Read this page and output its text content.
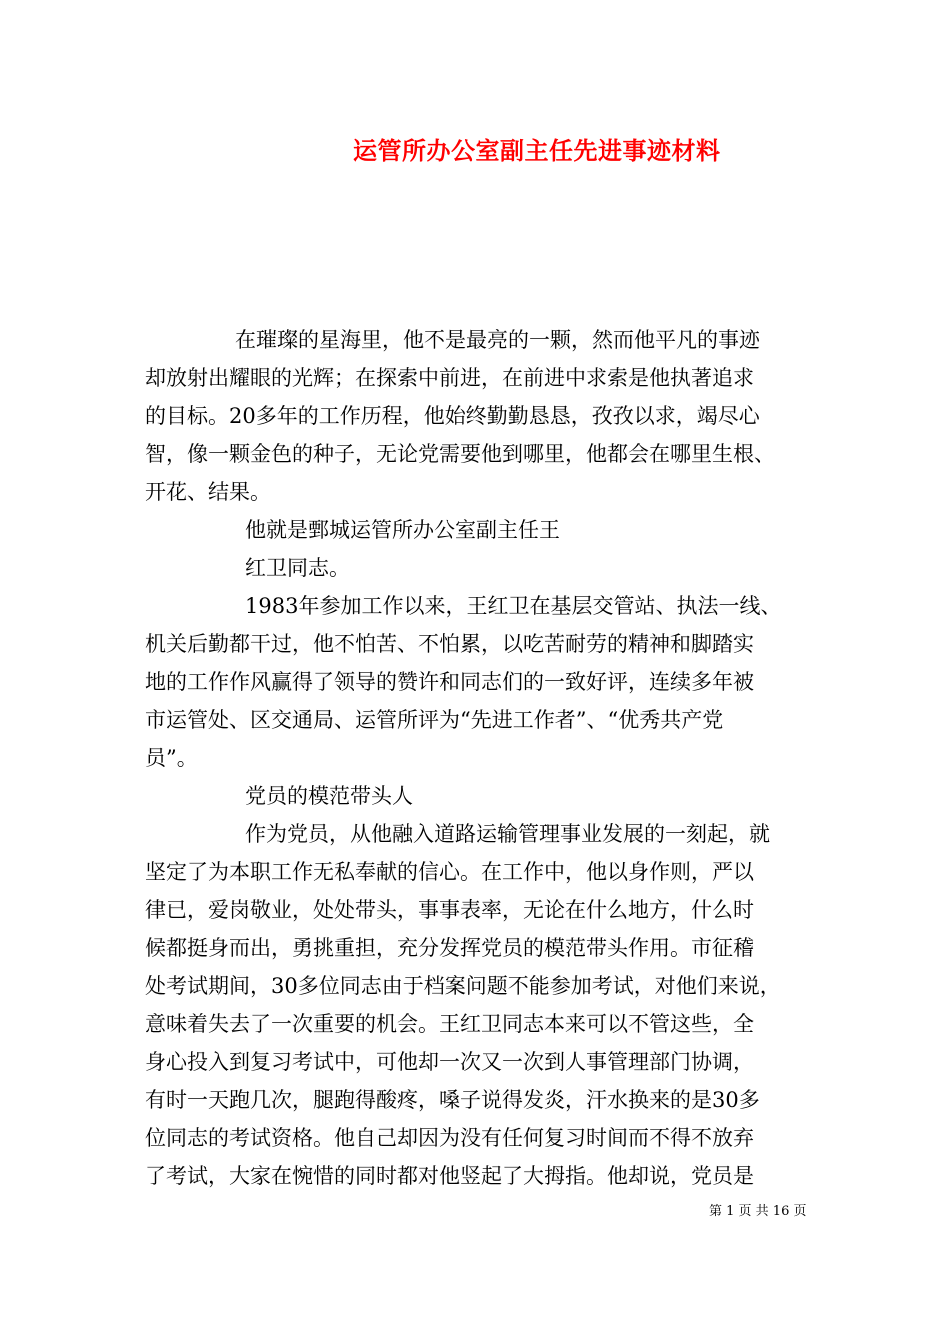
运管所办公室副主任先进事迹材料
在璀璨的星海里，他不是最亮的一颗，然而他平凡的事迹
却放射出耀眼的光辉；在探索中前进，在前进中求索是他执著追求
的目标。20多年的工作历程，他始终勤勤恳恳，孜孜以求，竭尽心
智，像一颗金色的种子，无论党需要他到哪里，他都会在哪里生根、
开花、结果。
他就是鄄城运管所办公室副主任王
红卫同志。
1983年参加工作以来，王红卫在基层交管站、执法一线、
机关后勤都干过，他不怕苦、不怕累，以吃苦耐劳的精神和脚踏实
地的工作作风赢得了领导的赞许和同志们的一致好评，连续多年被
市运管处、区交通局、运管所评为“先进工作者”、“优秀共产党
员”。
党员的模范带头人
作为党员，从他融入道路运输管理事业发展的一刻起，就
坚定了为本职工作无私奉献的信心。在工作中，他以身作则，严以
律已，爱岗敬业，处处带头，事事表率，无论在什么地方，什么时
候都挺身而出，勇挑重担，充分发挥党员的模范带头作用。市征稽
处考试期间，30多位同志由于档案问题不能参加考试，对他们来说，
意味着失去了一次重要的机会。王红卫同志本来可以不管这些，全
身心投入到复习考试中，可他却一次又一次到人事管理部门协调，
有时一天跑几次，腿跑得酸疼，嗓子说得发炎，汗水换来的是30多
位同志的考试资格。他自己却因为没有任何复习时间而不得不放弃
了考试，大家在惋惜的同时都对他竖起了大拇指。他却说，党员是
第 1 页 共 16 页
